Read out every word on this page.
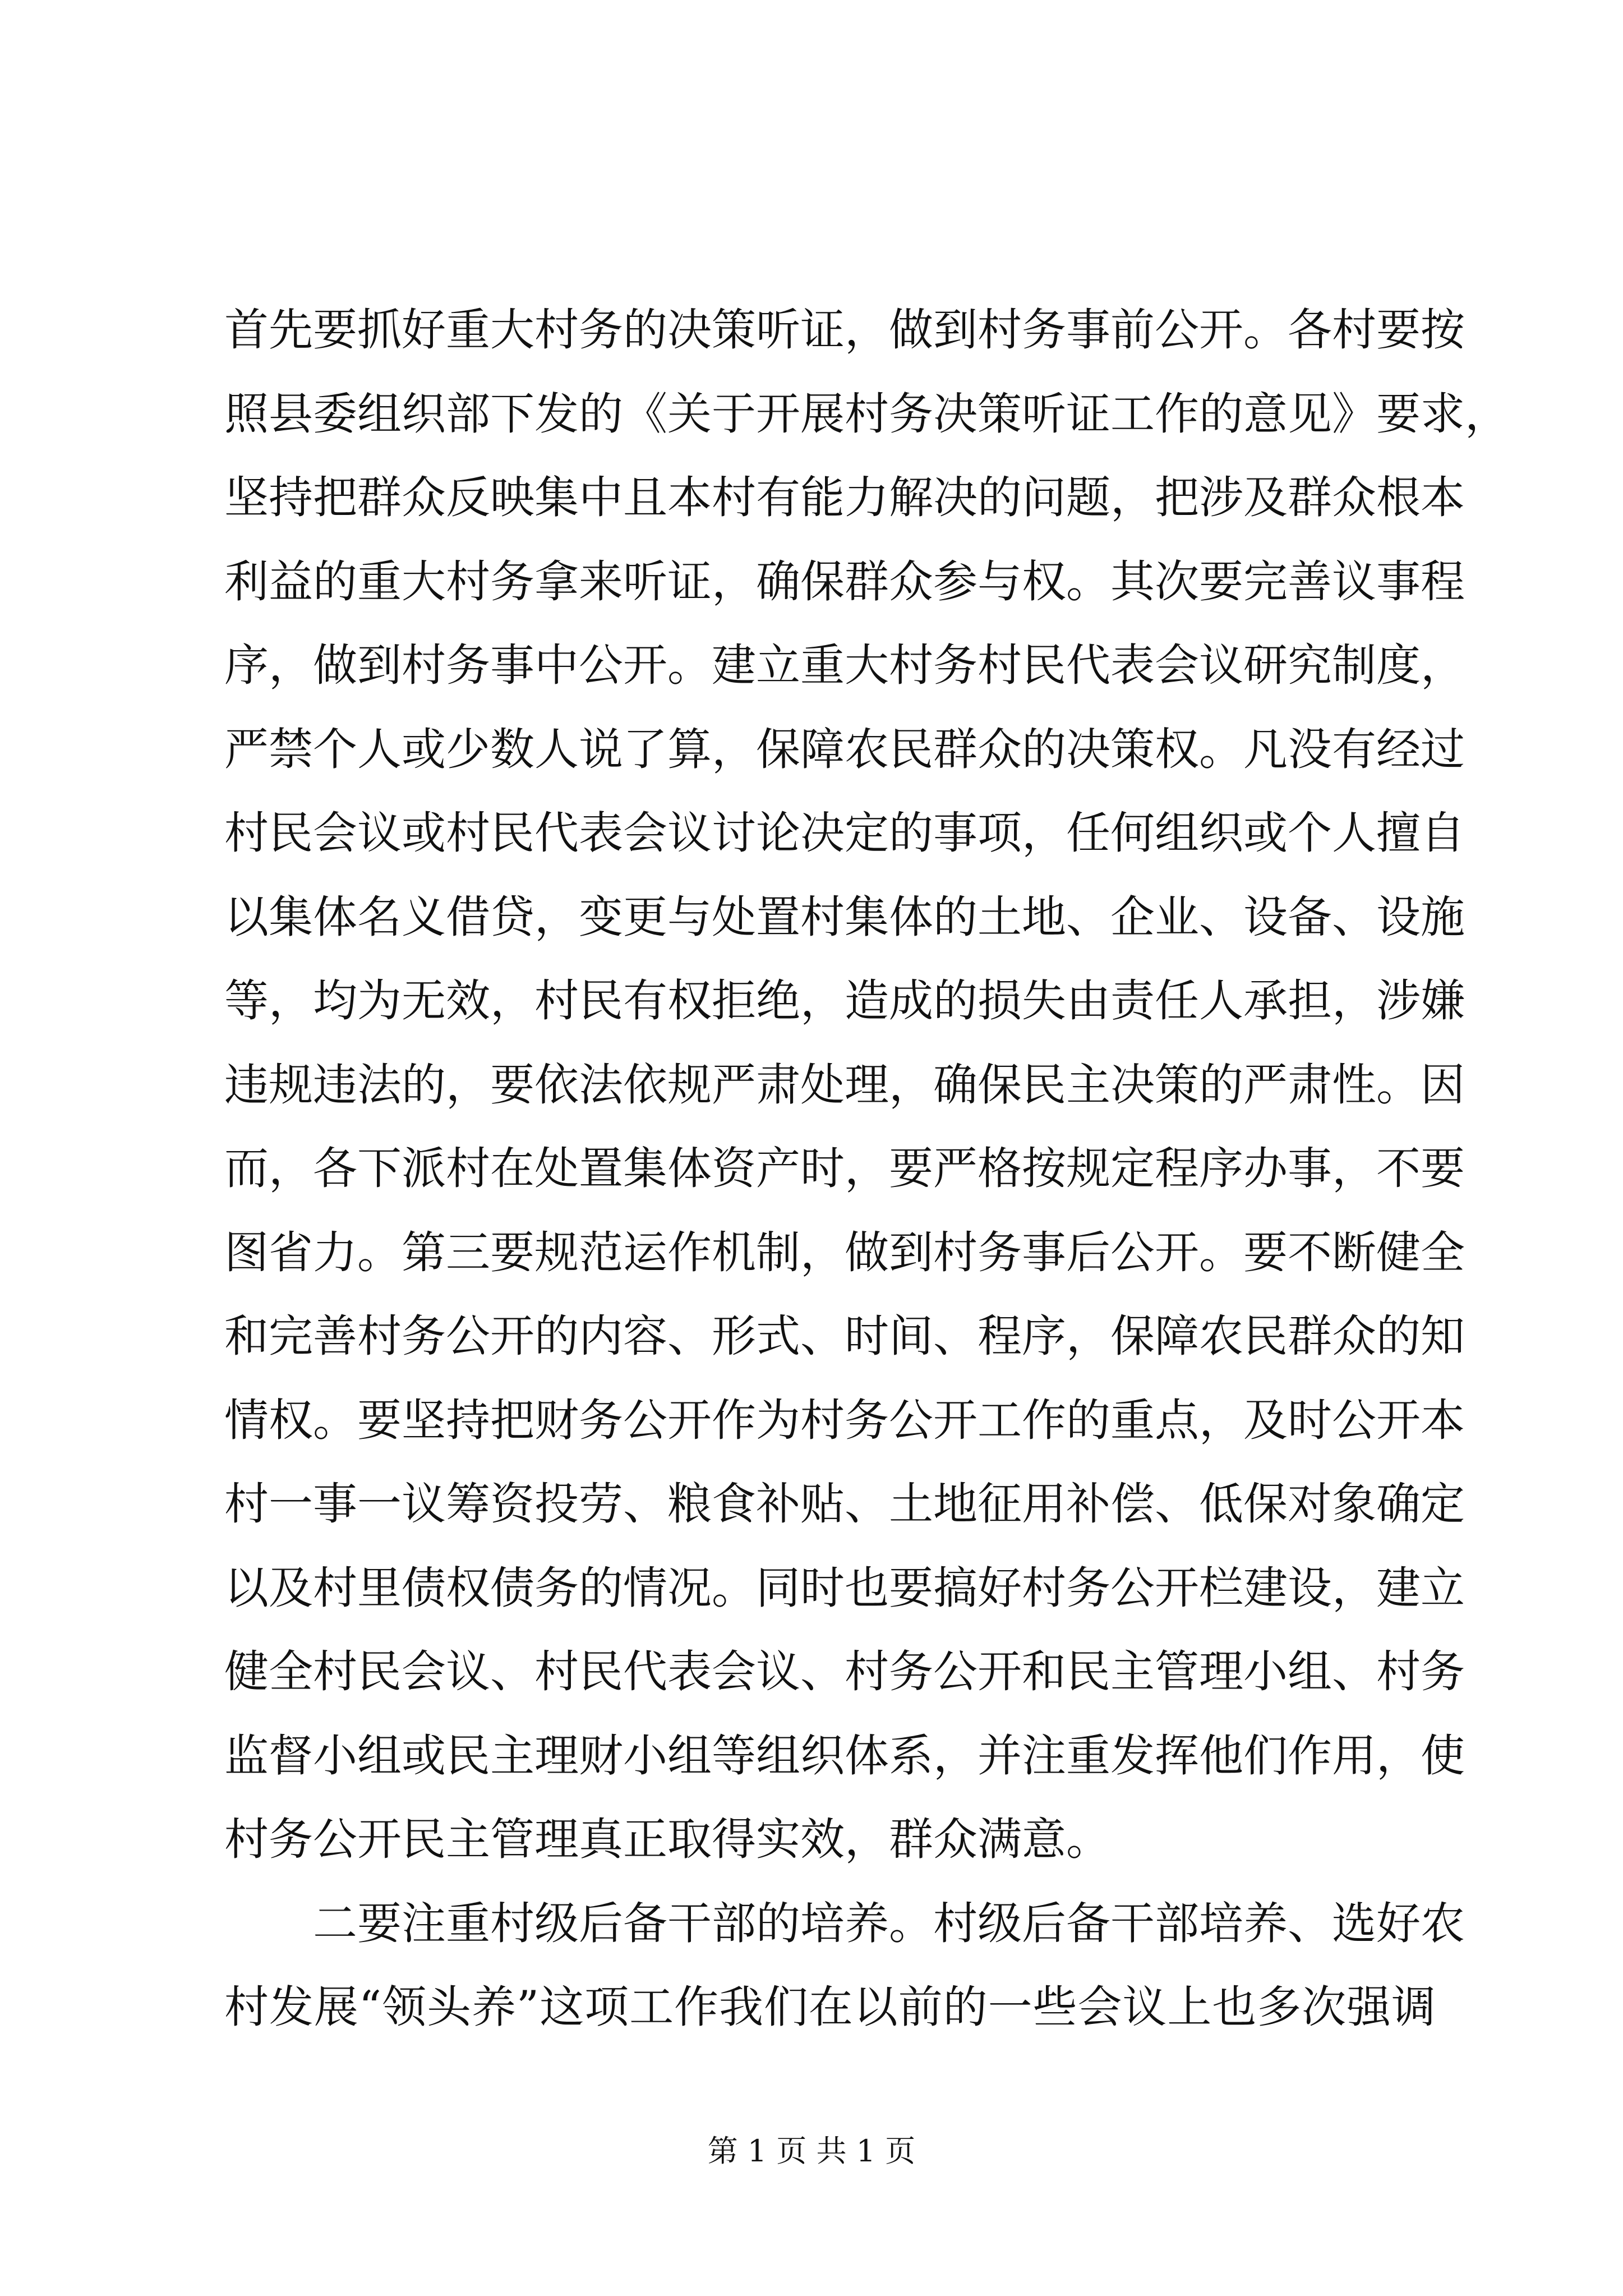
首先要抓好重大村务的决策听证，做到村务事前公开。各村要按
照县委组织部下发的《关于开展村务决策听证工作的意见》要求，
坚持把群众反映集中且本村有能力解决的问题，把涉及群众根本
利益的重大村务拿来听证，确保群众参与权。其次要完善议事程
序，做到村务事中公开。建立重大村务村民代表会议研究制度，
严禁个人或少数人说了算，保障农民群众的决策权。凡没有经过
村民会议或村民代表会议讨论决定的事项，任何组织或个人擅自
以集体名义借贷，变更与处置村集体的土地、企业、设备、设施
等，均为无效，村民有权拒绝，造成的损失由责任人承担，涉嫌
违规违法的，要依法依规严肃处理，确保民主决策的严肃性。因
而，各下派村在处置集体资产时，要严格按规定程序办事，不要
图省力。第三要规范运作机制，做到村务事后公开。要不断健全
和完善村务公开的内容、形式、时间、程序，保障农民群众的知
情权。要坚持把财务公开作为村务公开工作的重点，及时公开本
村一事一议筹资投劳、粮食补贴、土地征用补偿、低保对象确定
以及村里债权债务的情况。同时也要搞好村务公开栏建设，建立
健全村民会议、村民代表会议、村务公开和民主管理小组、村务
监督小组或民主理财小组等组织体系，并注重发挥他们作用，使
村务公开民主管理真正取得实效，群众满意。
二要注重村级后备干部的培养。村级后备干部培养、选好农
村发展“领头养”这项工作我们在以前的一些会议上也多次强调
第 1 页 共 1 页
